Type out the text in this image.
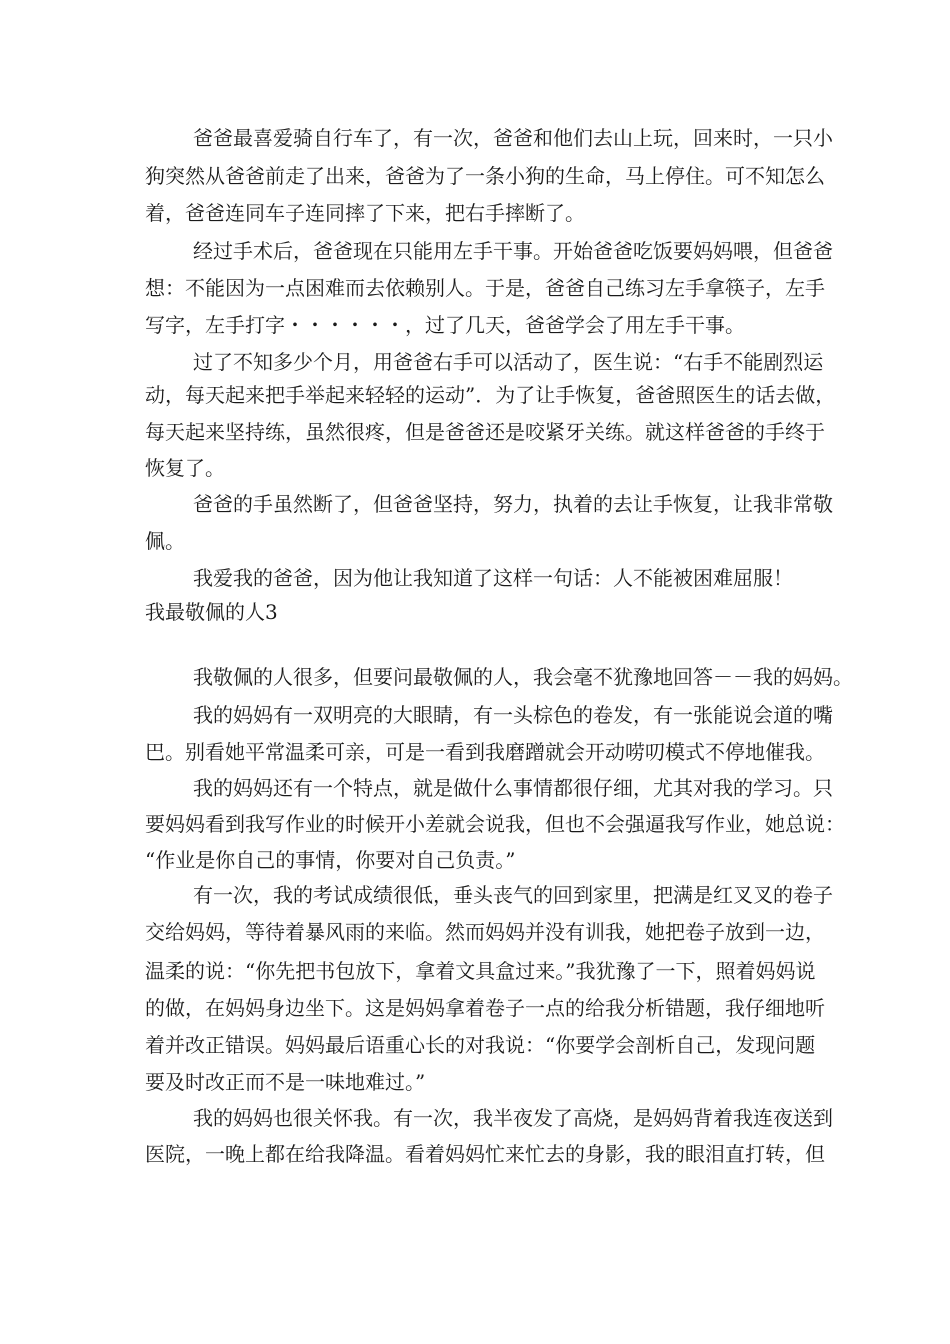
爸爸最喜爱骑自行车了，有一次，爸爸和他们去山上玩，回来时，一只小
狗突然从爸爸前走了出来，爸爸为了一条小狗的生命，马上停住。可不知怎么
着，爸爸连同车子连同摔了下来，把右手摔断了。
经过手术后，爸爸现在只能用左手干事。开始爸爸吃饭要妈妈喂，但爸爸
想：不能因为一点困难而去依赖别人。于是，爸爸自己练习左手拿筷子，左手
写字，左手打字・・・・・・，过了几天，爸爸学会了用左手干事。
过了不知多少个月，用爸爸右手可以活动了，医生说：“右手不能剧烈运
动，每天起来把手举起来轻轻的运动”．为了让手恢复，爸爸照医生的话去做，
每天起来坚持练，虽然很疼，但是爸爸还是咬紧牙关练。就这样爸爸的手终于
恢复了。
爸爸的手虽然断了，但爸爸坚持，努力，执着的去让手恢复，让我非常敬
佩。
我爱我的爸爸，因为他让我知道了这样一句话：人不能被困难屈服！
我最敬佩的人3
我敬佩的人很多，但要问最敬佩的人，我会毫不犹豫地回答－－我的妈妈。
我的妈妈有一双明亮的大眼睛，有一头棕色的卷发，有一张能说会道的嘴
巴。别看她平常温柔可亲，可是一看到我磨蹭就会开动唠叨模式不停地催我。
我的妈妈还有一个特点，就是做什么事情都很仔细，尤其对我的学习。只
要妈妈看到我写作业的时候开小差就会说我，但也不会强逼我写作业，她总说：
“作业是你自己的事情，你要对自己负责。”
有一次，我的考试成绩很低，垂头丧气的回到家里，把满是红叉叉的卷子
交给妈妈，等待着暴风雨的来临。然而妈妈并没有训我，她把卷子放到一边，
温柔的说：“你先把书包放下，拿着文具盒过来。”我犹豫了一下，照着妈妈说
的做，在妈妈身边坐下。这是妈妈拿着卷子一点的给我分析错题，我仔细地听
着并改正错误。妈妈最后语重心长的对我说：“你要学会剖析自己，发现问题
要及时改正而不是一味地难过。”
我的妈妈也很关怀我。有一次，我半夜发了高烧，是妈妈背着我连夜送到
医院，一晚上都在给我降温。看着妈妈忙来忙去的身影，我的眼泪直打转，但
